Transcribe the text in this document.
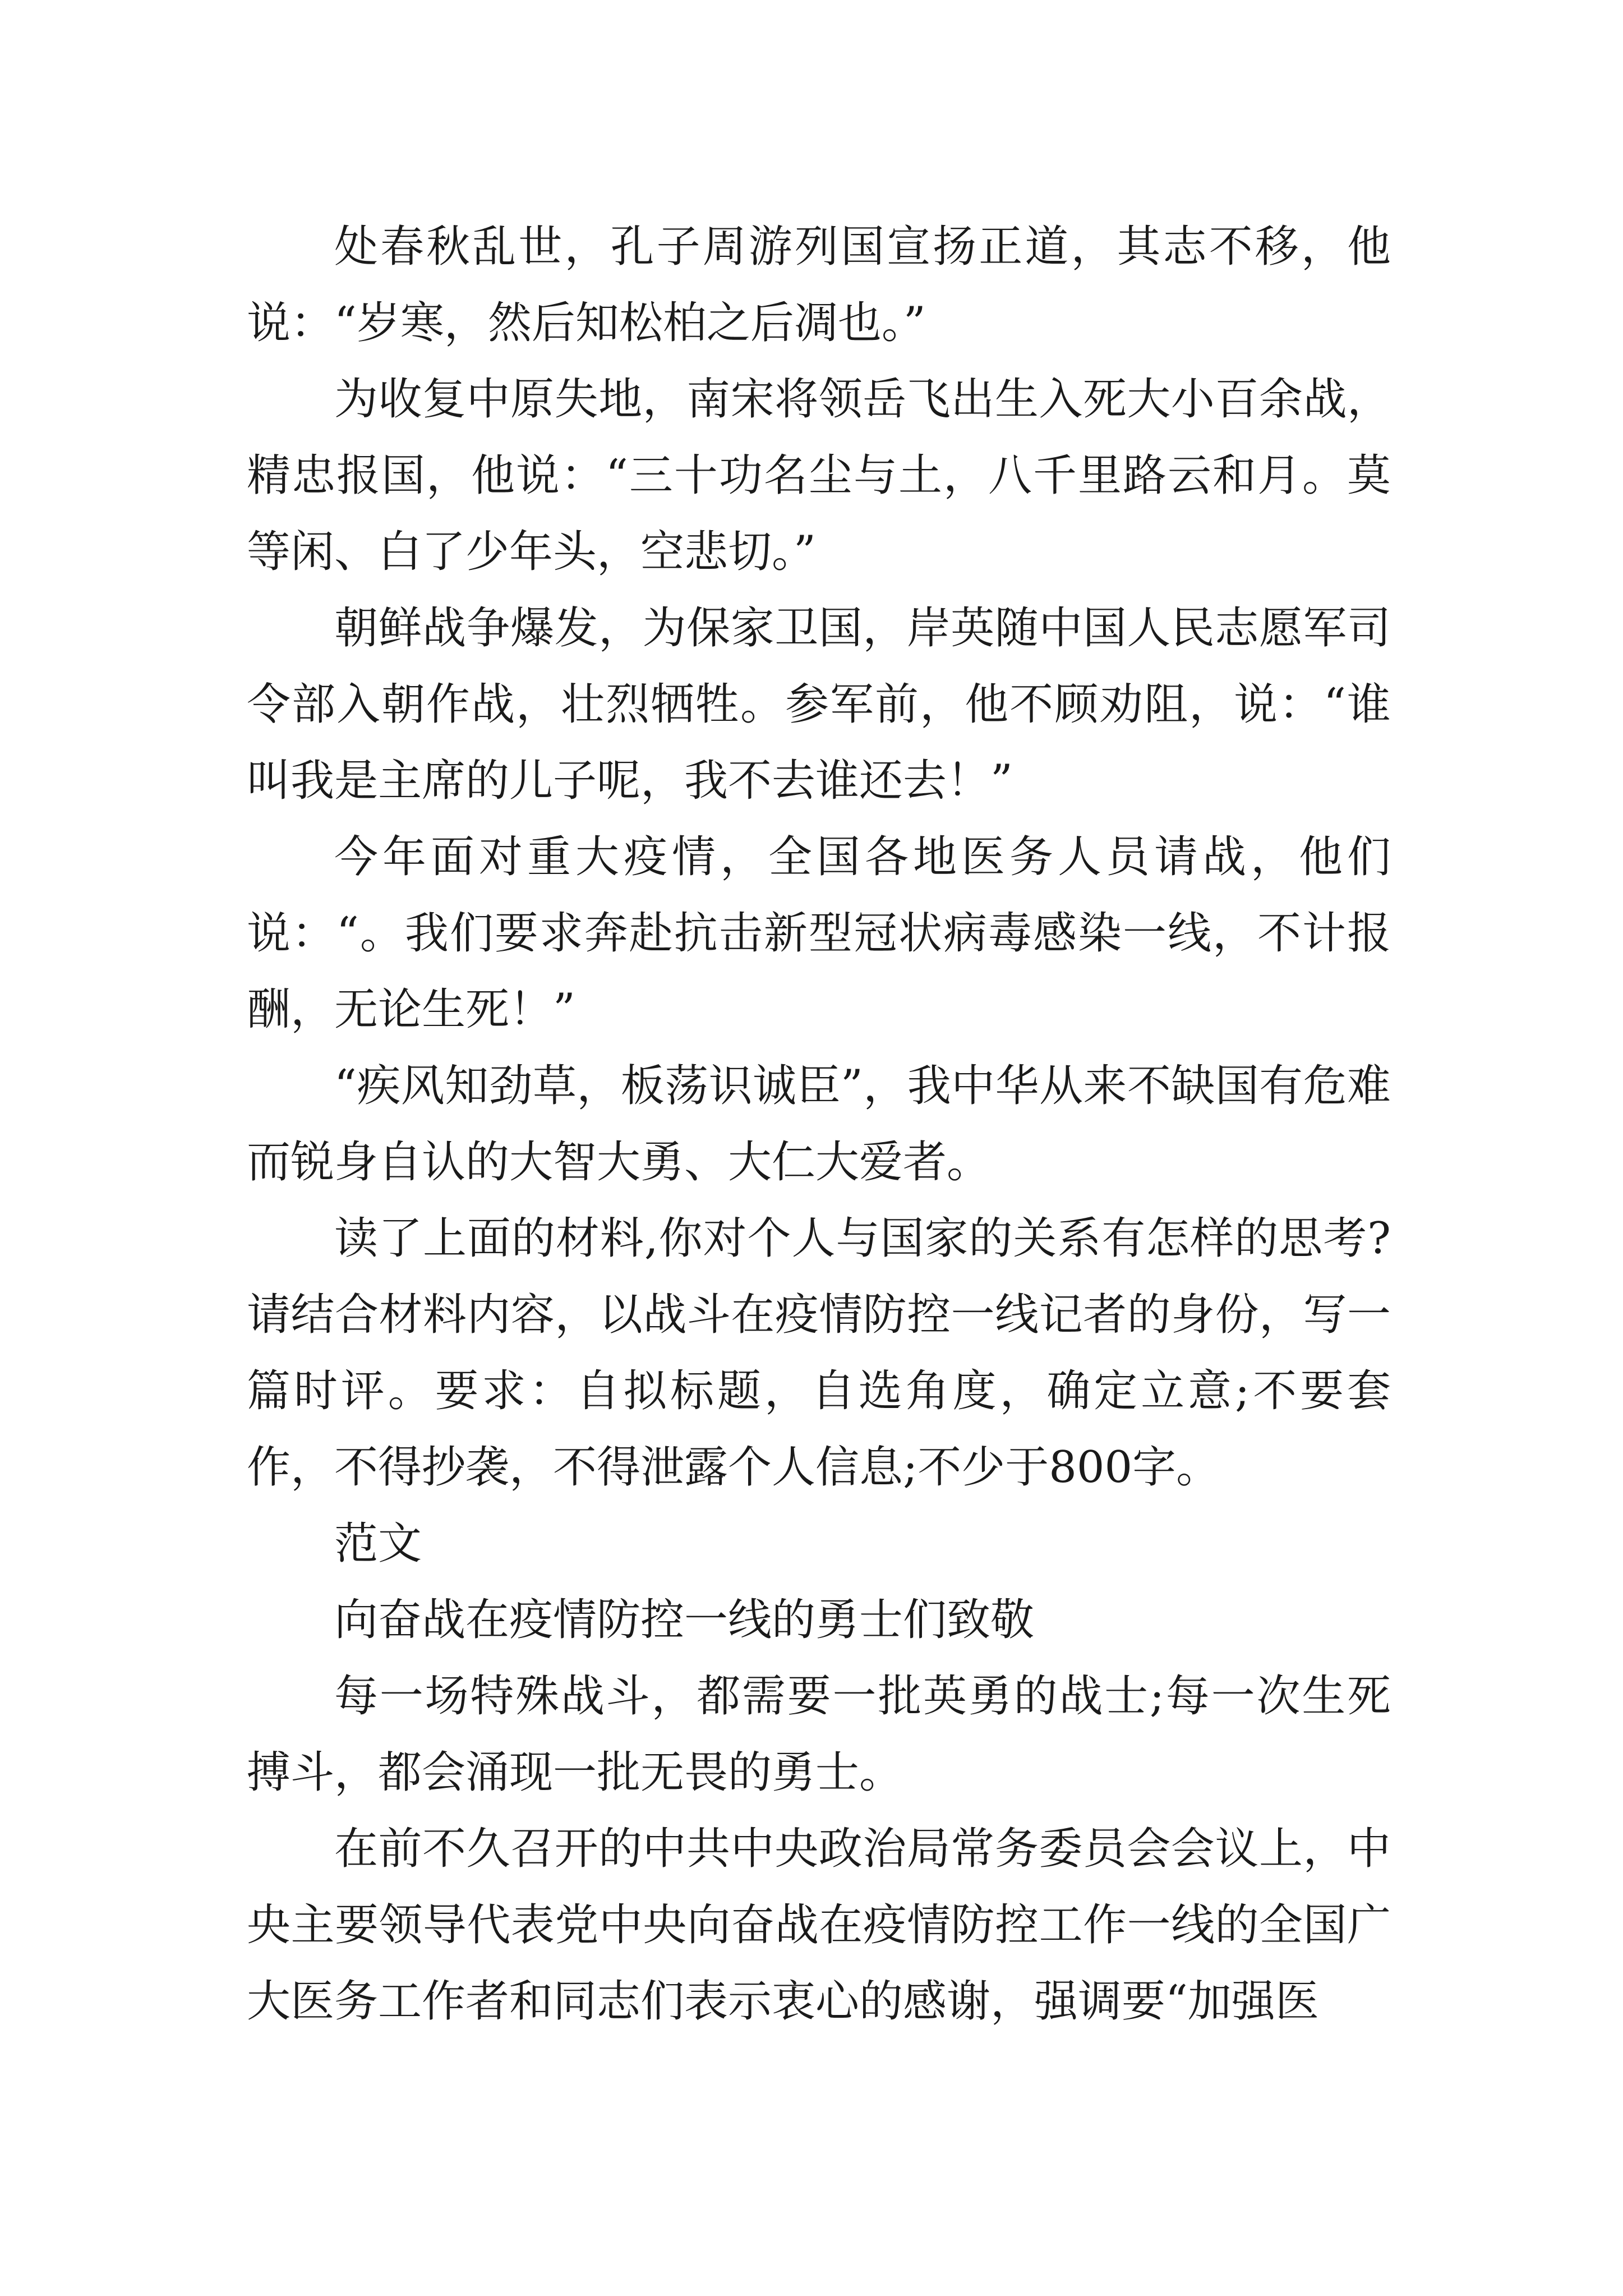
处春秋乱世，孔子周游列国宣扬正道，其志不移，他说：“岁寒，然后知松柏之后凋也。”

为收复中原失地，南宋将领岳飞出生入死大小百余战，精忠报国，他说：“三十功名尘与土，八千里路云和月。莫等闲、白了少年头，空悲切。”

朝鲜战争爆发，为保家卫国，岸英随中国人民志愿军司令部入朝作战，壮烈牺牲。参军前，他不顾劝阻，说：“谁叫我是主席的儿子呢，我不去谁还去！”

今年面对重大疫情，全国各地医务人员请战，他们说：“。我们要求奔赴抗击新型冠状病毒感染一线，不计报酬，无论生死！”

“疾风知劲草，板荡识诚臣”，我中华从来不缺国有危难而锐身自认的大智大勇、大仁大爱者。

读了上面的材料,你对个人与国家的关系有怎样的思考?请结合材料内容，以战斗在疫情防控一线记者的身份，写一篇时评。要求：自拟标题，自选角度，确定立意;不要套作，不得抄袭，不得泄露个人信息;不少于800字。

范文

向奋战在疫情防控一线的勇士们致敬

每一场特殊战斗，都需要一批英勇的战士;每一次生死搏斗，都会涌现一批无畏的勇士。

在前不久召开的中共中央政治局常务委员会会议上，中央主要领导代表党中央向奋战在疫情防控工作一线的全国广大医务工作者和同志们表示衷心的感谢，强调要“加强医
